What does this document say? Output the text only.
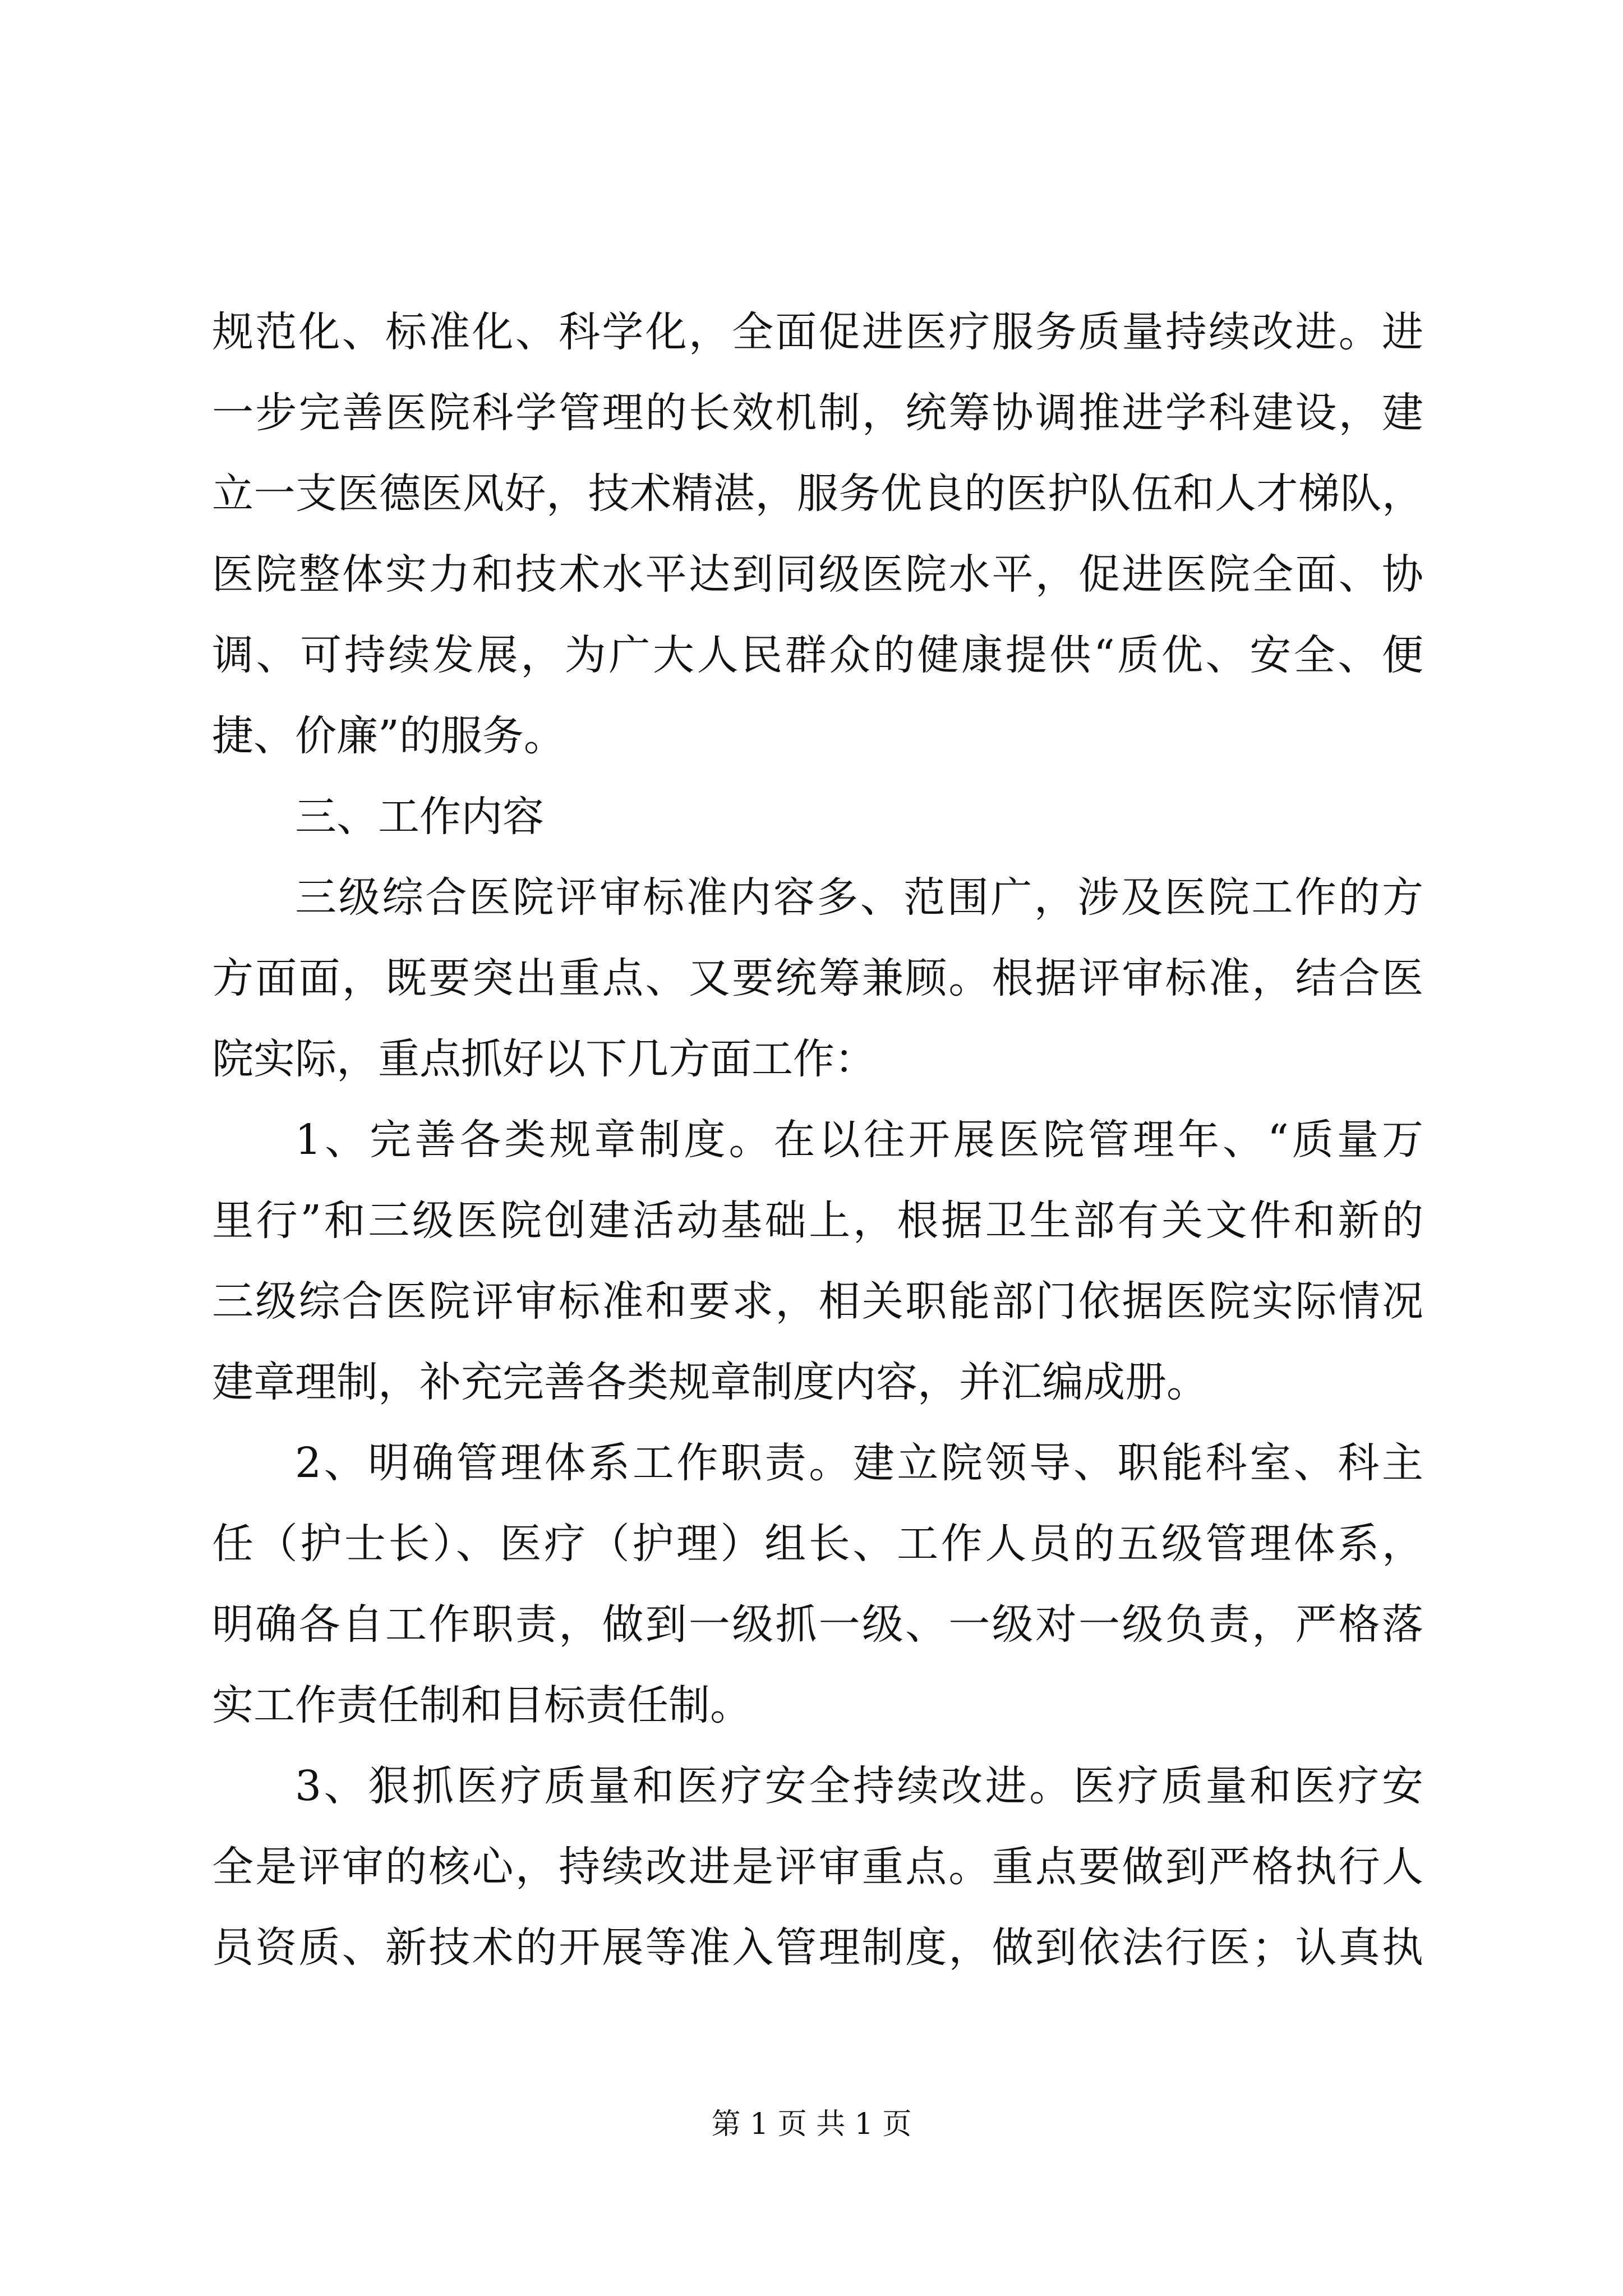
规范化、标准化、科学化，全面促进医疗服务质量持续改进。进
一步完善医院科学管理的长效机制，统筹协调推进学科建设，建
立一支医德医风好，技术精湛，服务优良的医护队伍和人才梯队，
医院整体实力和技术水平达到同级医院水平，促进医院全面、协
调、可持续发展，为广大人民群众的健康提供“质优、安全、便
捷、价廉”的服务。
三、工作内容
三级综合医院评审标准内容多、范围广，涉及医院工作的方
方面面，既要突出重点、又要统筹兼顾。根据评审标准，结合医
院实际，重点抓好以下几方面工作：
1、完善各类规章制度。在以往开展医院管理年、“质量万
里行”和三级医院创建活动基础上，根据卫生部有关文件和新的
三级综合医院评审标准和要求，相关职能部门依据医院实际情况
建章理制，补充完善各类规章制度内容，并汇编成册。
2、明确管理体系工作职责。建立院领导、职能科室、科主
任（护士长）、医疗（护理）组长、工作人员的五级管理体系，
明确各自工作职责，做到一级抓一级、一级对一级负责，严格落
实工作责任制和目标责任制。
3、狠抓医疗质量和医疗安全持续改进。医疗质量和医疗安
全是评审的核心，持续改进是评审重点。重点要做到严格执行人
员资质、新技术的开展等准入管理制度，做到依法行医；认真执
第 1 页 共 1 页
